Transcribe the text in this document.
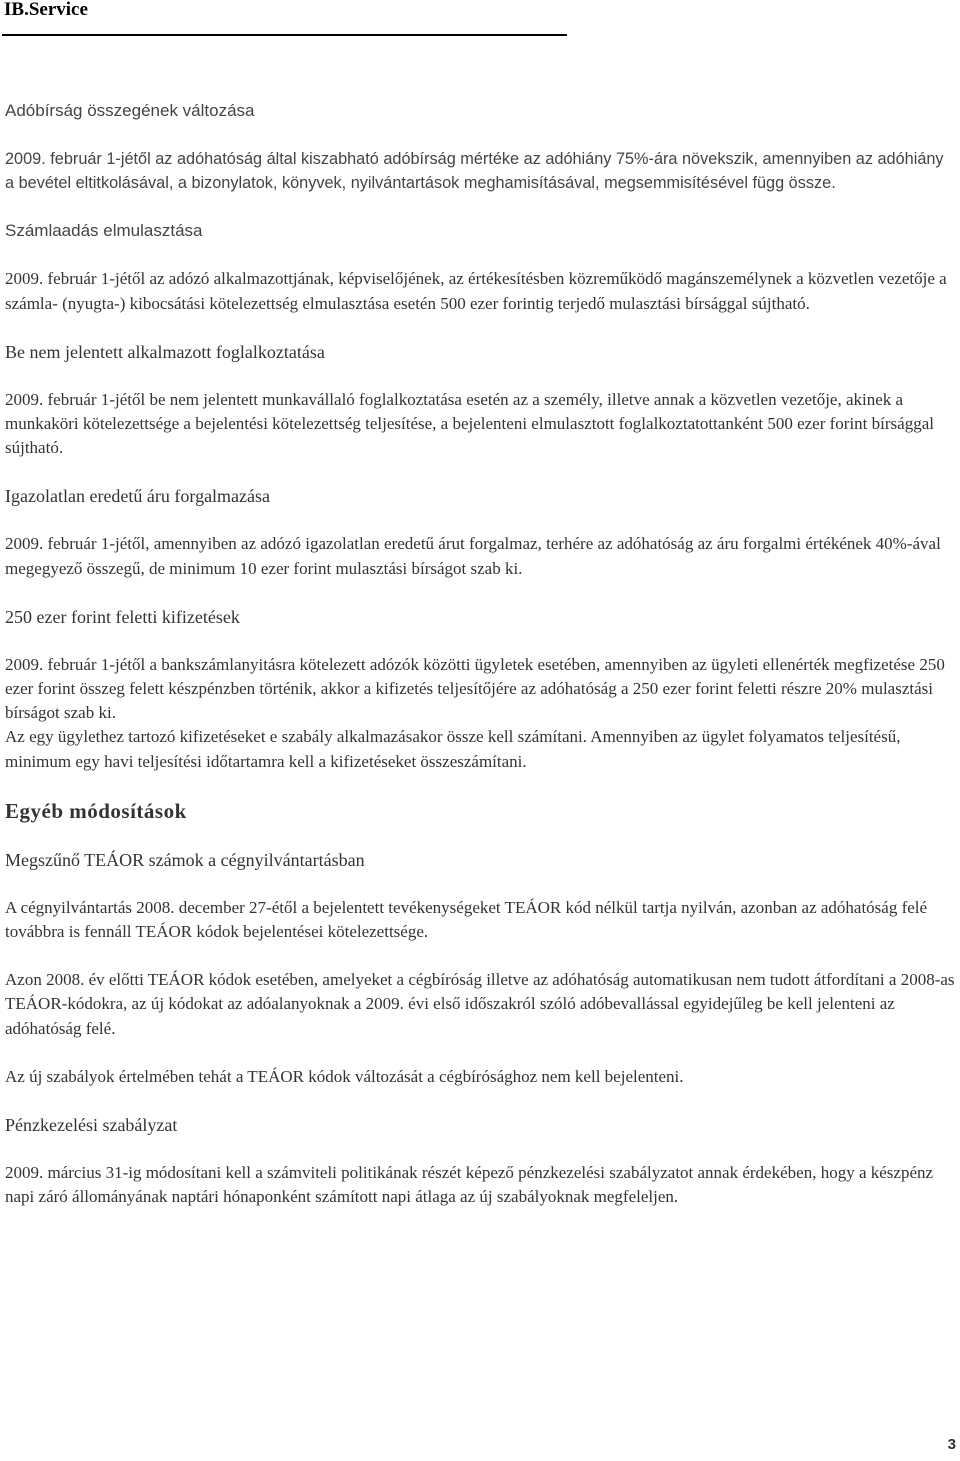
IB.Service

Adóbírság összegének változása

2009. február 1-jétől az adóhatóság által kiszabható adóbírság mértéke az adóhiány 75%-ára növekszik, amennyiben az adóhiány a bevétel eltitkolásával, a bizonylatok, könyvek, nyilvántartások meghamisításával, megsemmisítésével függ össze.

Számlaadás elmulasztása

2009. február 1-jétől az adózó alkalmazottjának, képviselőjének, az értékesítésben közreműködő magánszemélynek a közvetlen vezetője a számla- (nyugta-) kibocsátási kötelezettség elmulasztása esetén 500 ezer forintig terjedő mulasztási bírsággal sújtható.

Be nem jelentett alkalmazott foglalkoztatása

2009. február 1-jétől be nem jelentett munkavállaló foglalkoztatása esetén az a személy, illetve annak a közvetlen vezetője, akinek a munkaköri kötelezettsége a bejelentési kötelezettség teljesítése, a bejelenteni elmulasztott foglalkoztatottanként 500 ezer forint bírsággal sújtható.

Igazolatlan eredetű áru forgalmazása

2009. február 1-jétől, amennyiben az adózó igazolatlan eredetű árut forgalmaz, terhére az adóhatóság az áru forgalmi értékének 40%-ával megegyező összegű, de minimum 10 ezer forint mulasztási bírságot szab ki.

250 ezer forint feletti kifizetések

2009. február 1-jétől a bankszámlanyitásra kötelezett adózók közötti ügyletek esetében, amennyiben az ügyleti ellenérték megfizetése 250 ezer forint összeg felett készpénzben történik, akkor a kifizetés teljesítőjére az adóhatóság a 250 ezer forint feletti részre 20% mulasztási bírságot szab ki.

Az egy ügylethez tartozó kifizetéseket e szabály alkalmazásakor össze kell számítani. Amennyiben az ügylet folyamatos teljesítésű, minimum egy havi teljesítési időtartamra kell a kifizetéseket összeszámítani.

Egyéb módosítások

Megszűnő TEÁOR számok a cégnyilvántartásban

A cégnyilvántartás 2008. december 27-étől a bejelentett tevékenységeket TEÁOR kód nélkül tartja nyilván, azonban az adóhatóság felé továbbra is fennáll TEÁOR kódok bejelentései kötelezettsége.

Azon 2008. év előtti TEÁOR kódok esetében, amelyeket a cégbíróság illetve az adóhatóság automatikusan nem tudott átfordítani a 2008-as TEÁOR-kódokra, az új kódokat az adóalanyoknak a 2009. évi első időszakról szóló adóbevallással egyidejűleg be kell jelenteni az adóhatóság felé.

Az új szabályok értelmében tehát a TEÁOR kódok változását a cégbírósághoz nem kell bejelenteni.

Pénzkezelési szabályzat

2009. március 31-ig módosítani kell a számviteli politikának részét képező pénzkezelési szabályzatot annak érdekében, hogy a készpénz napi záró állományának naptári hónaponként számított napi átlaga az új szabályoknak megfeleljen.

3
